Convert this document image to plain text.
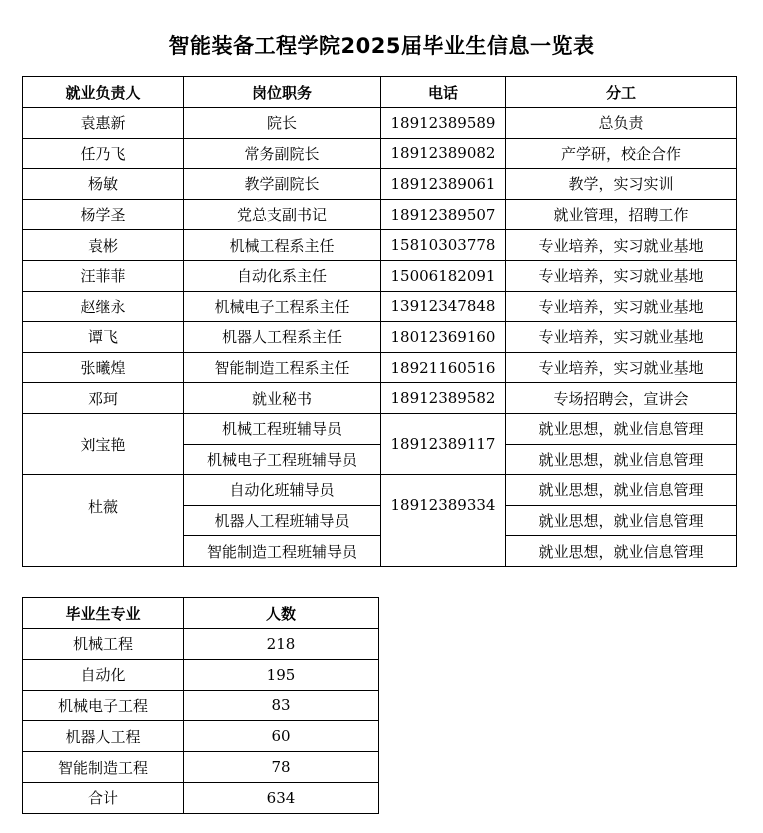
智能装备工程学院2025届毕业生信息一览表
就业负责人	岗位职务	电话	分工
袁惠新	院长	18912389589	总负责
任乃飞	常务副院长	18912389082	产学研，校企合作
杨敏	教学副院长	18912389061	教学，实习实训
杨学圣	党总支副书记	18912389507	就业管理，招聘工作
袁彬	机械工程系主任	15810303778	专业培养，实习就业基地
汪菲菲	自动化系主任	15006182091	专业培养，实习就业基地
赵继永	机械电子工程系主任	13912347848	专业培养，实习就业基地
谭飞	机器人工程系主任	18012369160	专业培养，实习就业基地
张曦煌	智能制造工程系主任	18921160516	专业培养，实习就业基地
邓珂	就业秘书	18912389582	专场招聘会，宣讲会
刘宝艳	机械工程班辅导员	18912389117	就业思想，就业信息管理
	机械电子工程班辅导员		就业思想，就业信息管理
杜薇	自动化班辅导员	18912389334	就业思想，就业信息管理
	机器人工程班辅导员		就业思想，就业信息管理
	智能制造工程班辅导员		就业思想，就业信息管理
毕业生专业	人数
机械工程	218
自动化	195
机械电子工程	83
机器人工程	60
智能制造工程	78
合计	634
